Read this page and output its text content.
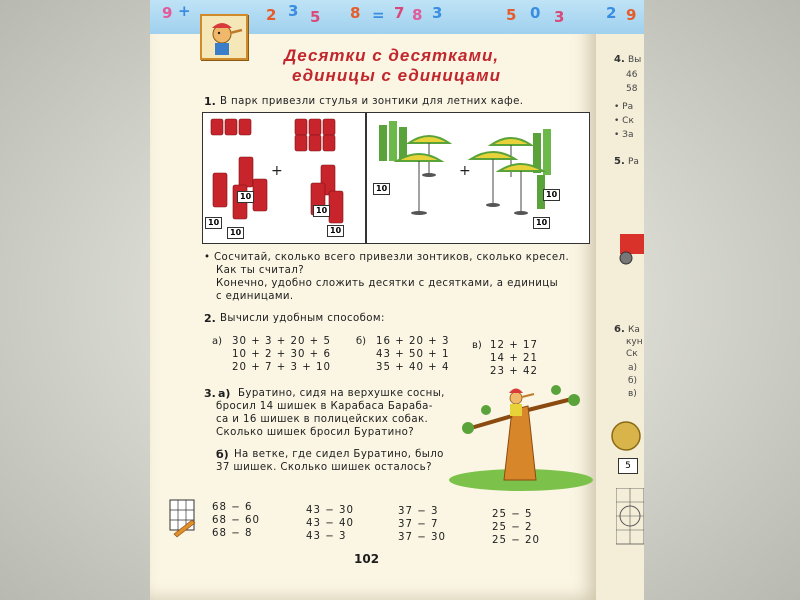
9 +	2 3 5 8 = 7 8 3	5 0 3	2 9
Десятки с десятками,
единицы с единицами
1. В парк привезли стулья и зонтики для летних кафе.
+	+
10
10
10
10
10
10
10
10
• Сосчитай, сколько всего привезли зонтиков, сколько кресел.
Как ты считал?
Конечно, удобно сложить десятки с десятками, а единицы
с единицами.
2. Вычисли удобным способом:
а) 30 + 3 + 20 + 5
10 + 2 + 30 + 6
20 + 7 + 3 + 10
б) 16 + 20 + 3
43 + 50 + 1
35 + 40 + 4
в) 12 + 17
14 + 21
23 + 42
3. а) Буратино, сидя на верхушке сосны,
бросил 14 шишек в Карабаса Бараба-
са и 16 шишек в полицейских собак.
Сколько шишек бросил Буратино?
б) На ветке, где сидел Буратино, было
37 шишек. Сколько шишек осталось?
68 − 6
68 − 60
68 − 8
43 − 30
43 − 40
43 − 3
37 − 3
37 − 7
37 − 30
25 − 5
25 − 2
25 − 20
102
4. Вы
46
58
• Ра
• Ск
• За
5. Ра
6. Ка
кун
Ск
а)
б)
в)
5
